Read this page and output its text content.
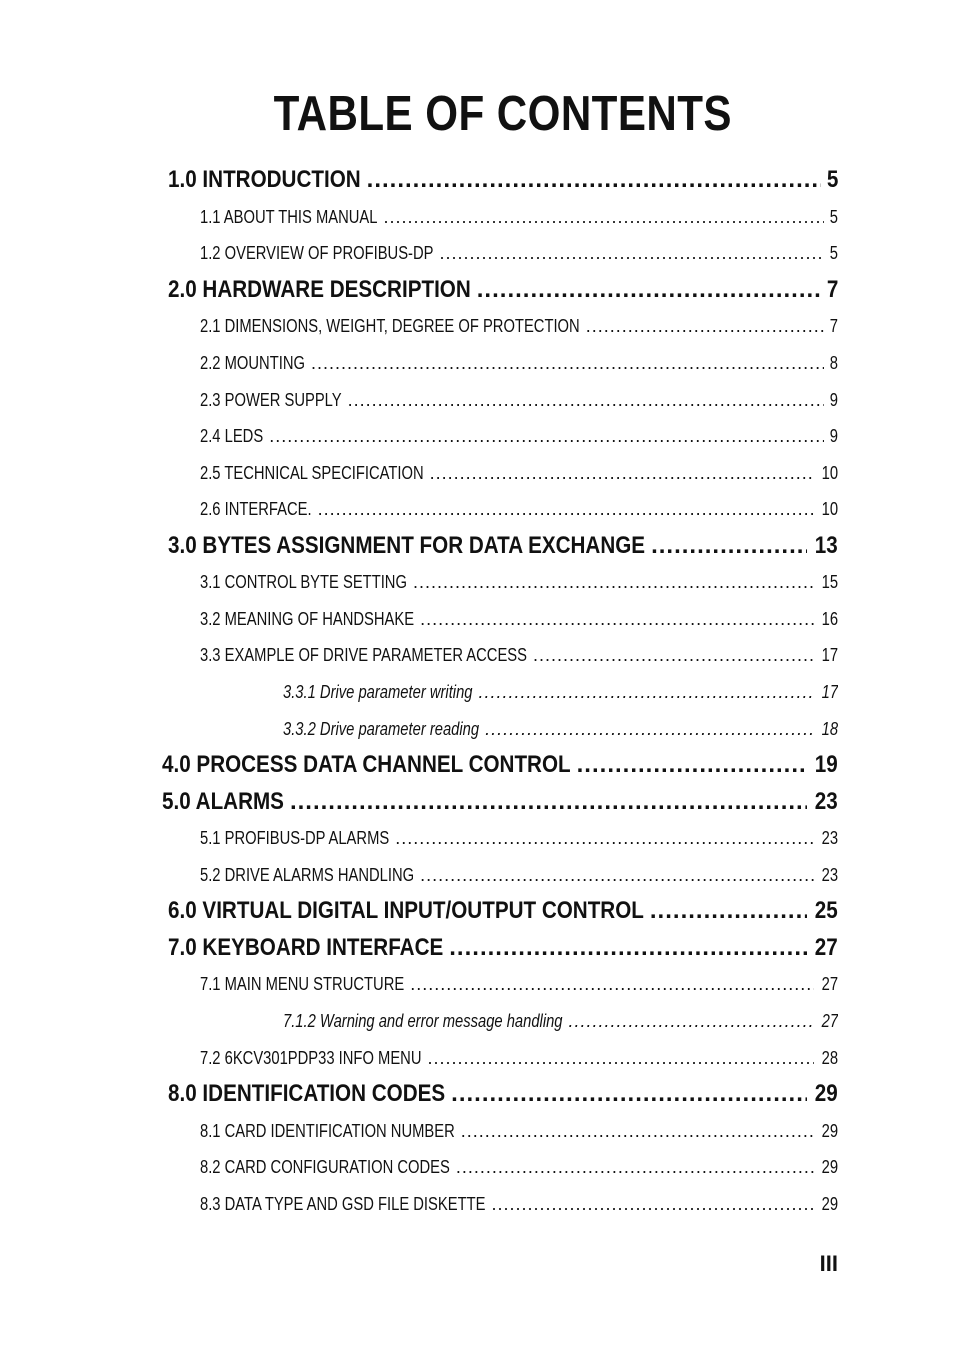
TABLE OF CONTENTS
1.0 INTRODUCTION .....	5
1.1 ABOUT THIS MANUAL .....	5
1.2 OVERVIEW OF PROFIBUS-DP .....	5
2.0 HARDWARE DESCRIPTION .....	7
2.1 DIMENSIONS, WEIGHT, DEGREE OF PROTECTION .....	7
2.2 MOUNTING .....	8
2.3 POWER SUPPLY .....	9
2.4 LEDS .....	9
2.5 TECHNICAL SPECIFICATION .....	10
2.6 INTERFACE. .....	10
3.0 BYTES ASSIGNMENT FOR DATA EXCHANGE .....	13
3.1 CONTROL BYTE SETTING .....	15
3.2 MEANING OF HANDSHAKE .....	16
3.3 EXAMPLE OF DRIVE PARAMETER ACCESS .....	17
3.3.1 Drive parameter writing .....	17
3.3.2 Drive parameter reading .....	18
4.0 PROCESS DATA CHANNEL CONTROL .....	19
5.0 ALARMS .....	23
5.1 PROFIBUS-DP ALARMS .....	23
5.2 DRIVE ALARMS HANDLING .....	23
6.0 VIRTUAL DIGITAL INPUT/OUTPUT CONTROL .....	25
7.0 KEYBOARD INTERFACE .....	27
7.1 MAIN MENU STRUCTURE .....	27
7.1.2 Warning and error message handling .....	27
7.2 6KCV301PDP33 INFO MENU .....	28
8.0 IDENTIFICATION CODES .....	29
8.1 CARD IDENTIFICATION NUMBER .....	29
8.2 CARD CONFIGURATION CODES .....	29
8.3 DATA TYPE AND GSD FILE DISKETTE .....	29

III
